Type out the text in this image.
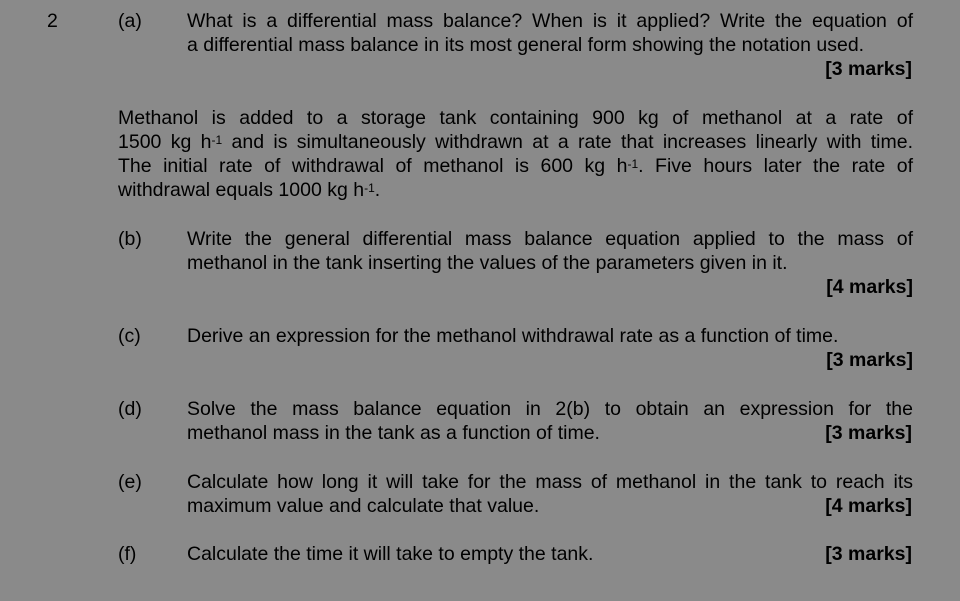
2	(a) What is a differential mass balance? When is it applied? Write the equation of
a differential mass balance in its most general form showing the notation used.
[3 marks]
Methanol is added to a storage tank containing 900 kg of methanol at a rate of
1500 kg $h^{-1}$ and is simultaneously withdrawn at a rate that increases linearly with time.
The initial rate of withdrawal of methanol is 600 kg $h^{-1}$. Five hours later the rate of
withdrawal equals 1000 kg $h^{-1}$.
(b) Write the general differential mass balance equation applied to the mass of
methanol in the tank inserting the values of the parameters given in it.
[4 marks]
(c) Derive an expression for the methanol withdrawal rate as a function of time.
[3 marks]
(d) Solve the mass balance equation in 2(b) to obtain an expression for the
methanol mass in the tank as a function of time.	[3 marks]
(e) Calculate how long it will take for the mass of methanol in the tank to reach its
maximum value and calculate that value.	[4 marks]
(f)	Calculate the time it will take to empty the tank.	[3 marks]
